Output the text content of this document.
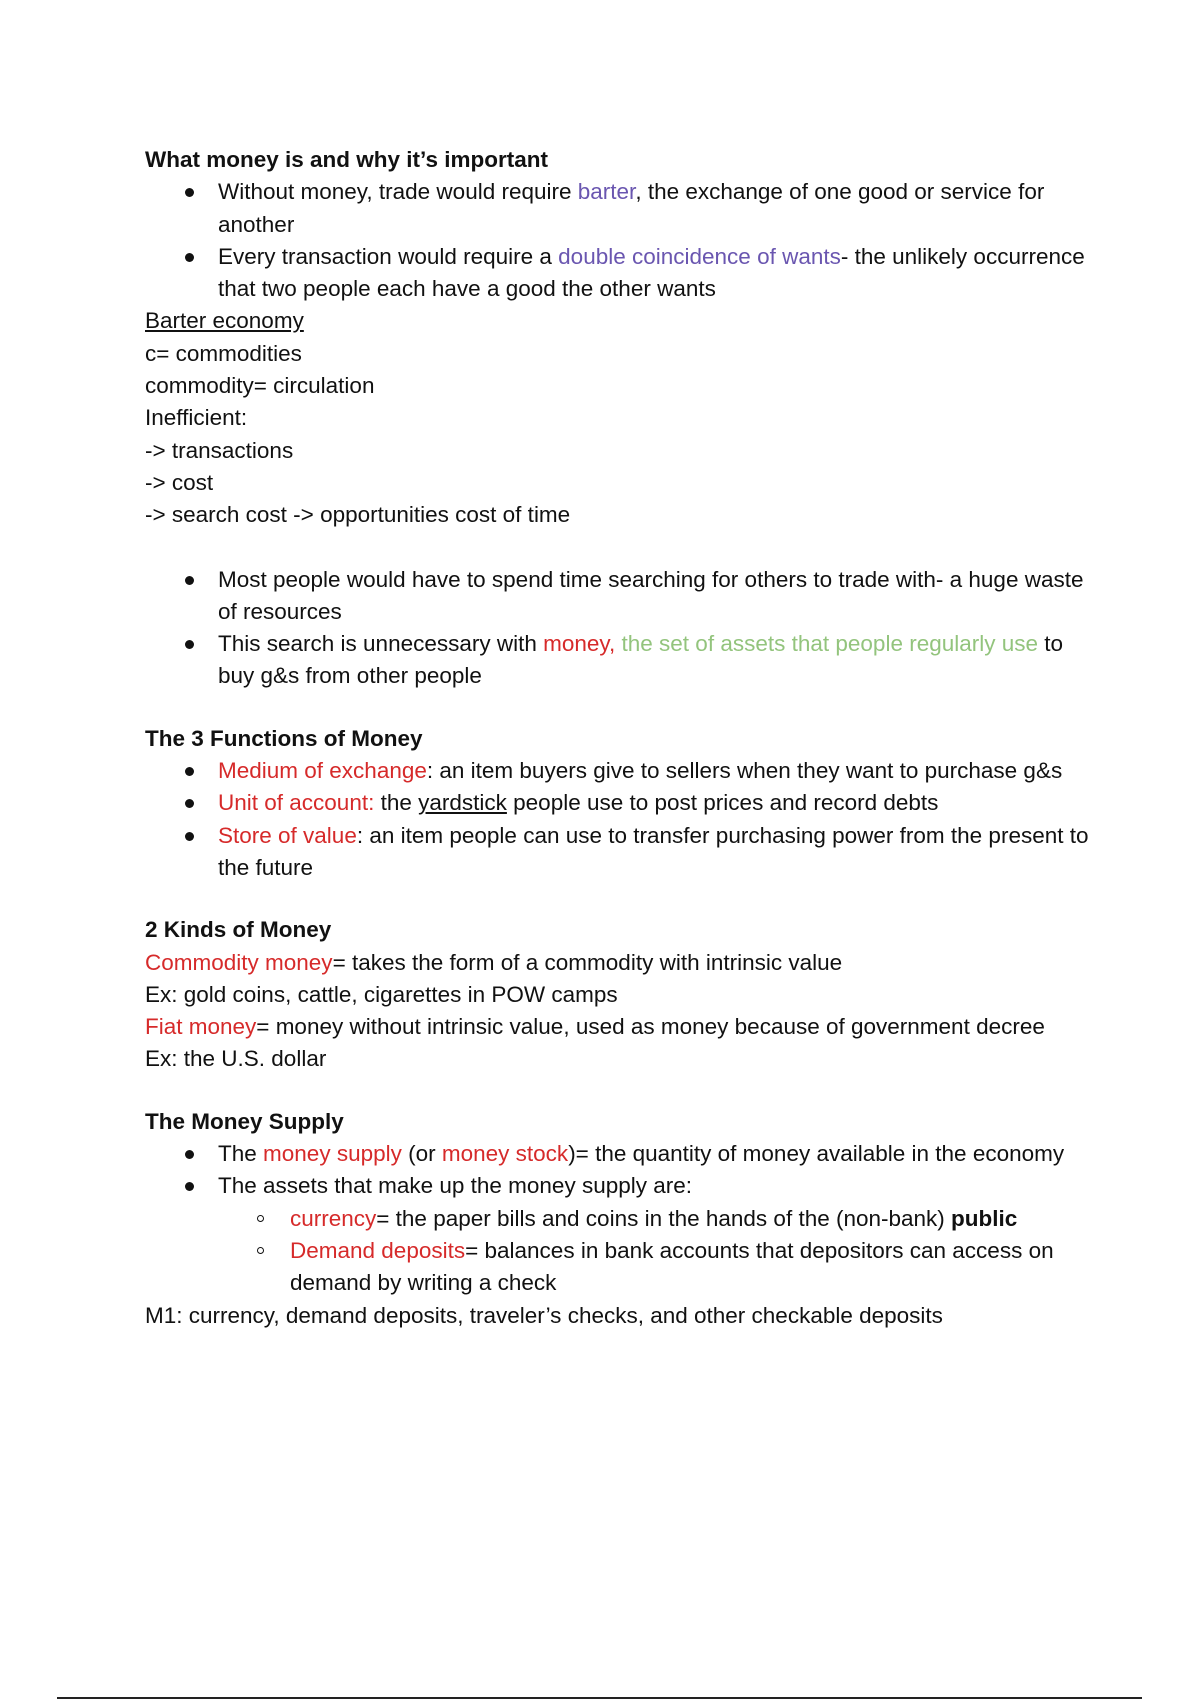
What money is and why it’s important
Without money, trade would require barter, the exchange of one good or service for another
Every transaction would require a double coincidence of wants- the unlikely occurrence that two people each have a good the other wants
Barter economy
c= commodities
commodity= circulation
Inefficient:
-> transactions
-> cost
-> search cost -> opportunities cost of time
Most people would have to spend time searching for others to trade with- a huge waste of resources
This search is unnecessary with money, the set of assets that people regularly use to buy g&s from other people
The 3 Functions of Money
Medium of exchange: an item buyers give to sellers when they want to purchase g&s
Unit of account: the yardstick people use to post prices and record debts
Store of value: an item people can use to transfer purchasing power from the present to the future
2 Kinds of Money
Commodity money= takes the form of a commodity with intrinsic value
Ex: gold coins, cattle, cigarettes in POW camps
Fiat money= money without intrinsic value, used as money because of government decree
Ex: the U.S. dollar
The Money Supply
The money supply (or money stock)= the quantity of money available in the economy
The assets that make up the money supply are:
currency= the paper bills and coins in the hands of the (non-bank) public
Demand deposits= balances in bank accounts that depositors can access on demand by writing a check
M1: currency, demand deposits, traveler’s checks, and other checkable deposits
